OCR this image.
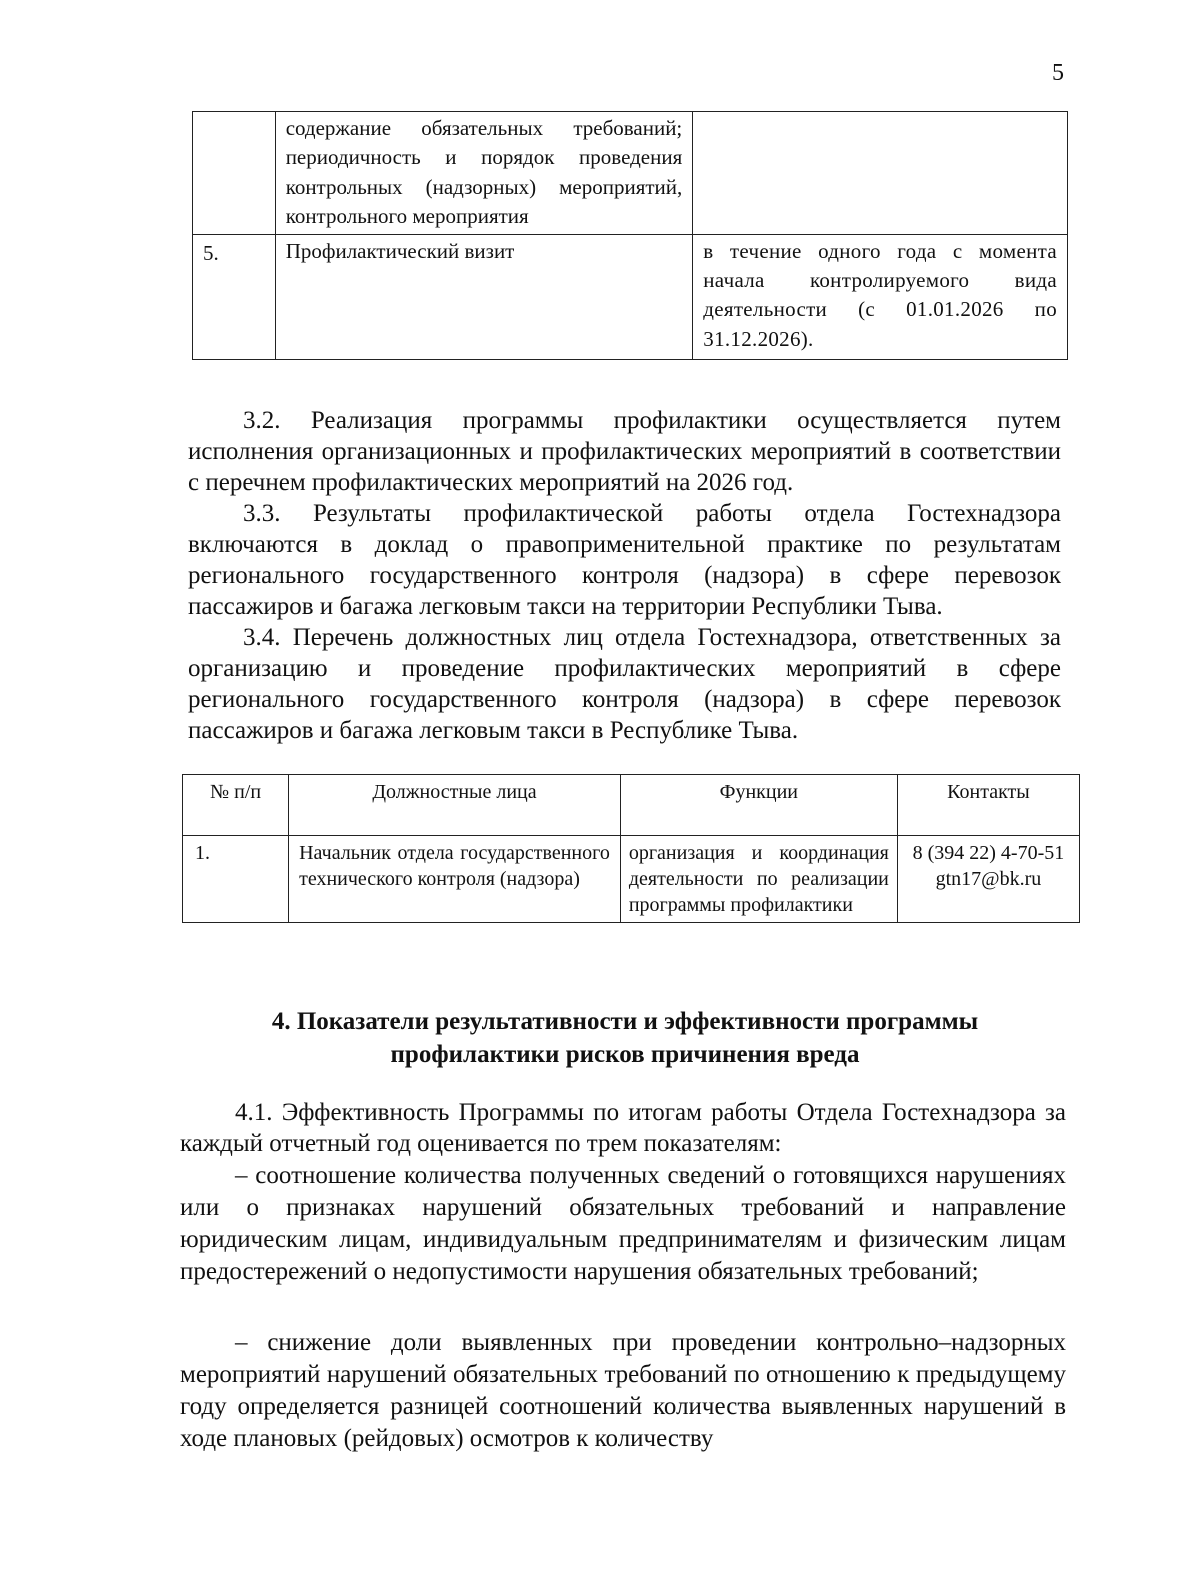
5
	содержание обязательных требований; периодичность и порядок проведения контрольных (надзорных) мероприятий, контрольного мероприятия	
5.	Профилактический визит	в течение одного года с момента начала контролируемого вида деятельности (с 01.01.2026 по 31.12.2026).

3.2. Реализация программы профилактики осуществляется путем исполнения организационных и профилактических мероприятий в соответствии с перечнем профилактических мероприятий на 2026 год.

3.3. Результаты профилактической работы отдела Гостехнадзора включаются в доклад о правоприменительной практике по результатам регионального государственного контроля (надзора) в сфере перевозок пассажиров и багажа легковым такси на территории Республики Тыва.

3.4. Перечень должностных лиц отдела Гостехнадзора, ответственных за организацию и проведение профилактических мероприятий в сфере регионального государственного контроля (надзора) в сфере перевозок пассажиров и багажа легковым такси в Республике Тыва.

№ п/п	Должностные лица	Функции	Контакты
1.	Начальник отдела государственного технического контроля (надзора)	организация и координация деятельности по реализации программы профилактики	8 (394 22) 4-70-51
gtn17@bk.ru
4. Показатели результативности и эффективности программы
профилактики рисков причинения вреда

4.1. Эффективность Программы по итогам работы Отдела Гостехнадзора за каждый отчетный год оценивается по трем показателям:

– соотношение количества полученных сведений о готовящихся нарушениях или о признаках нарушений обязательных требований и направление юридическим лицам, индивидуальным предпринимателям и физическим лицам предостережений о недопустимости нарушения обязательных требований;

– снижение доли выявленных при проведении контрольно–надзорных мероприятий нарушений обязательных требований по отношению к предыдущему году определяется разницей соотношений количества выявленных нарушений в ходе плановых (рейдовых) осмотров к количеству
